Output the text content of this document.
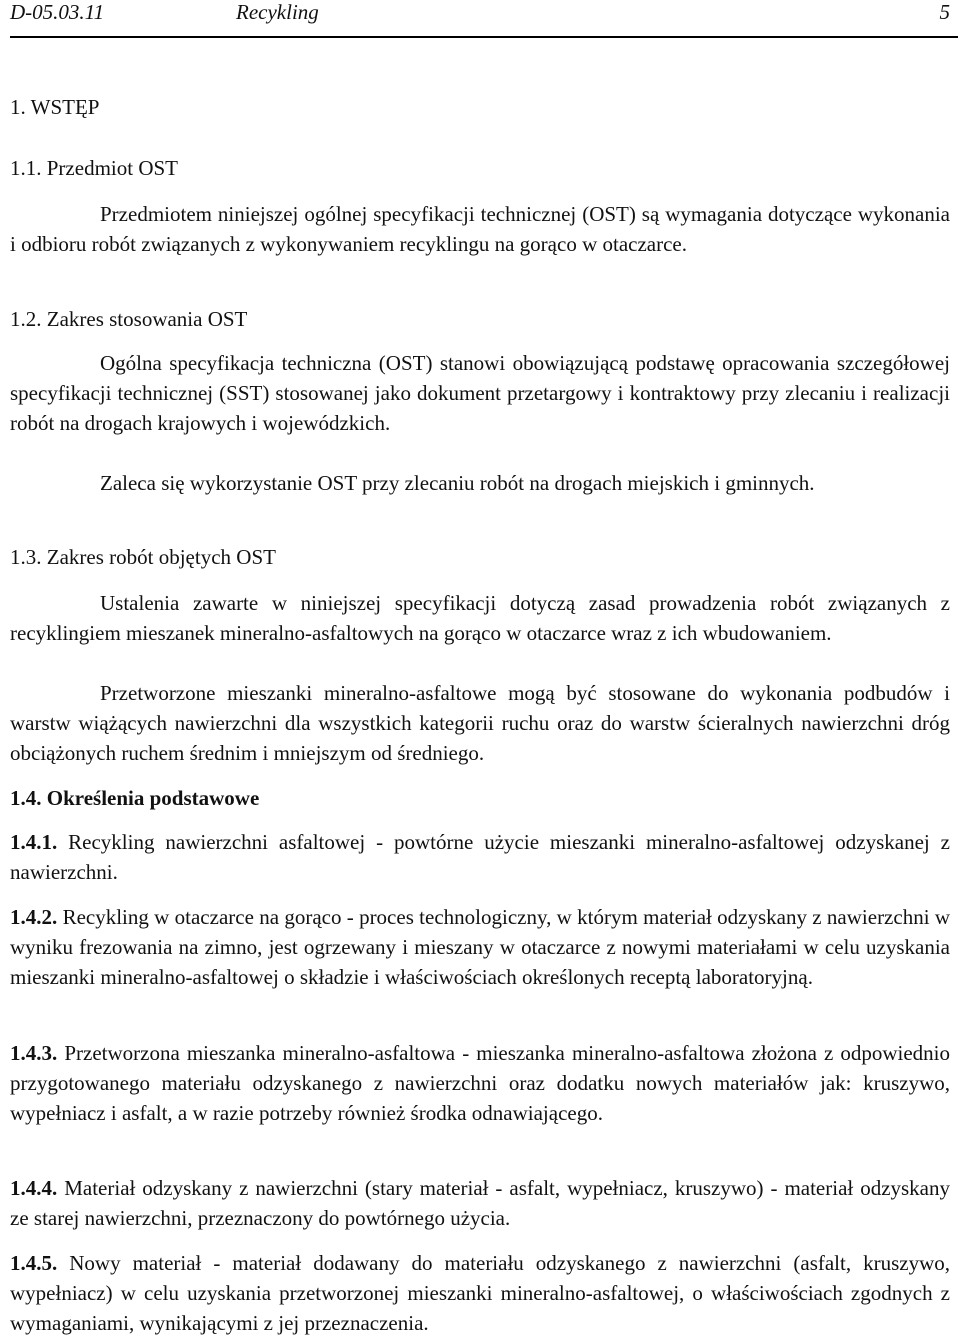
D-05.03.11	Recykling	5
1. WSTĘP
1.1. Przedmiot OST
Przedmiotem niniejszej ogólnej specyfikacji technicznej (OST) są wymagania dotyczące wykonania i odbioru robót związanych z wykonywaniem recyklingu na gorąco w otaczarce.
1.2. Zakres stosowania OST
Ogólna specyfikacja techniczna (OST) stanowi obowiązującą podstawę opracowania szczegółowej specyfikacji technicznej (SST) stosowanej jako dokument przetargowy i kontraktowy przy zlecaniu i realizacji robót na drogach krajowych i wojewódzkich.
Zaleca się wykorzystanie OST przy zlecaniu robót na drogach miejskich i gminnych.
1.3. Zakres robót objętych OST
Ustalenia zawarte w niniejszej specyfikacji dotyczą zasad prowadzenia robót związanych z recyklingiem mieszanek mineralno-asfaltowych na gorąco w otaczarce wraz z ich wbudowaniem.
Przetworzone mieszanki mineralno-asfaltowe mogą być stosowane do wykonania podbudów i warstw wiążących nawierzchni dla wszystkich kategorii ruchu oraz do warstw ścieralnych nawierzchni dróg obciążonych ruchem średnim i mniejszym od średniego.
1.4. Określenia podstawowe
1.4.1. Recykling nawierzchni asfaltowej - powtórne użycie mieszanki mineralno-asfaltowej odzyskanej z nawierzchni.
1.4.2. Recykling w otaczarce na gorąco - proces technologiczny, w którym materiał odzyskany z nawierzchni w wyniku frezowania na zimno, jest ogrzewany i mieszany w otaczarce z nowymi materiałami w celu uzyskania mieszanki mineralno-asfaltowej o składzie i właściwościach określonych receptą laboratoryjną.
1.4.3. Przetworzona mieszanka mineralno-asfaltowa - mieszanka mineralno-asfaltowa złożona z odpowiednio przygotowanego materiału odzyskanego z nawierzchni oraz dodatku nowych materiałów jak: kruszywo, wypełniacz i asfalt, a w razie potrzeby również środka odnawiającego.
1.4.4. Materiał odzyskany z nawierzchni (stary materiał - asfalt, wypełniacz, kruszywo) - materiał odzyskany ze starej nawierzchni, przeznaczony do powtórnego użycia.
1.4.5. Nowy materiał - materiał dodawany do materiału odzyskanego z nawierzchni (asfalt, kruszywo, wypełniacz) w celu uzyskania przetworzonej mieszanki mineralno-asfaltowej, o właściwościach zgodnych z wymaganiami, wynikającymi z jej przeznaczenia.
